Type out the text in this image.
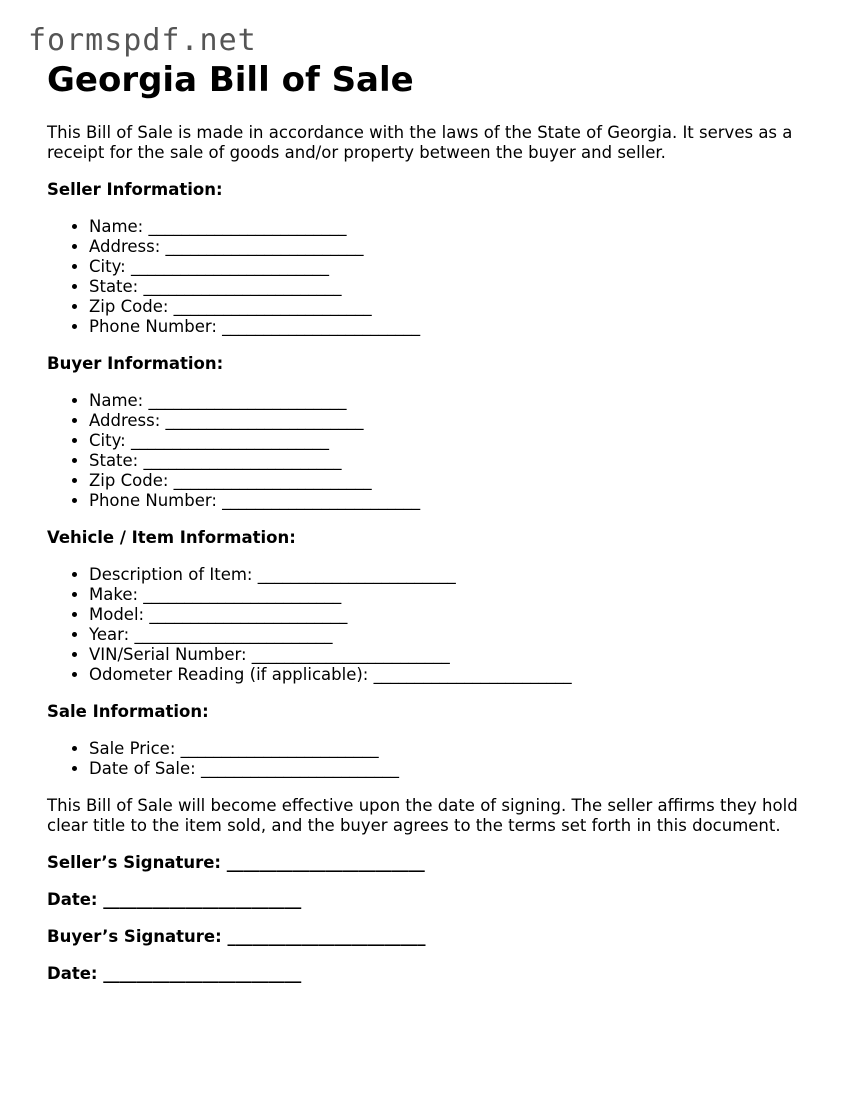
formspdf.net
Georgia Bill of Sale

This Bill of Sale is made in accordance with the laws of the State of Georgia. It serves as a receipt for the sale of goods and/or property between the buyer and seller.

Seller Information:
• Name: ________________________
• Address: ________________________
• City: ________________________
• State: ________________________
• Zip Code: ________________________
• Phone Number: ________________________
Buyer Information:
• Name: ________________________
• Address: ________________________
• City: ________________________
• State: ________________________
• Zip Code: ________________________
• Phone Number: ________________________
Vehicle / Item Information:
• Description of Item: ________________________
• Make: ________________________
• Model: ________________________
• Year: ________________________
• VIN/Serial Number: ________________________
• Odometer Reading (if applicable): ________________________
Sale Information:
• Sale Price: ________________________
• Date of Sale: ________________________

This Bill of Sale will become effective upon the date of signing. The seller affirms they hold clear title to the item sold, and the buyer agrees to the terms set forth in this document.

Seller’s Signature: ________________________
Date: ________________________
Buyer’s Signature: ________________________
Date: ________________________
